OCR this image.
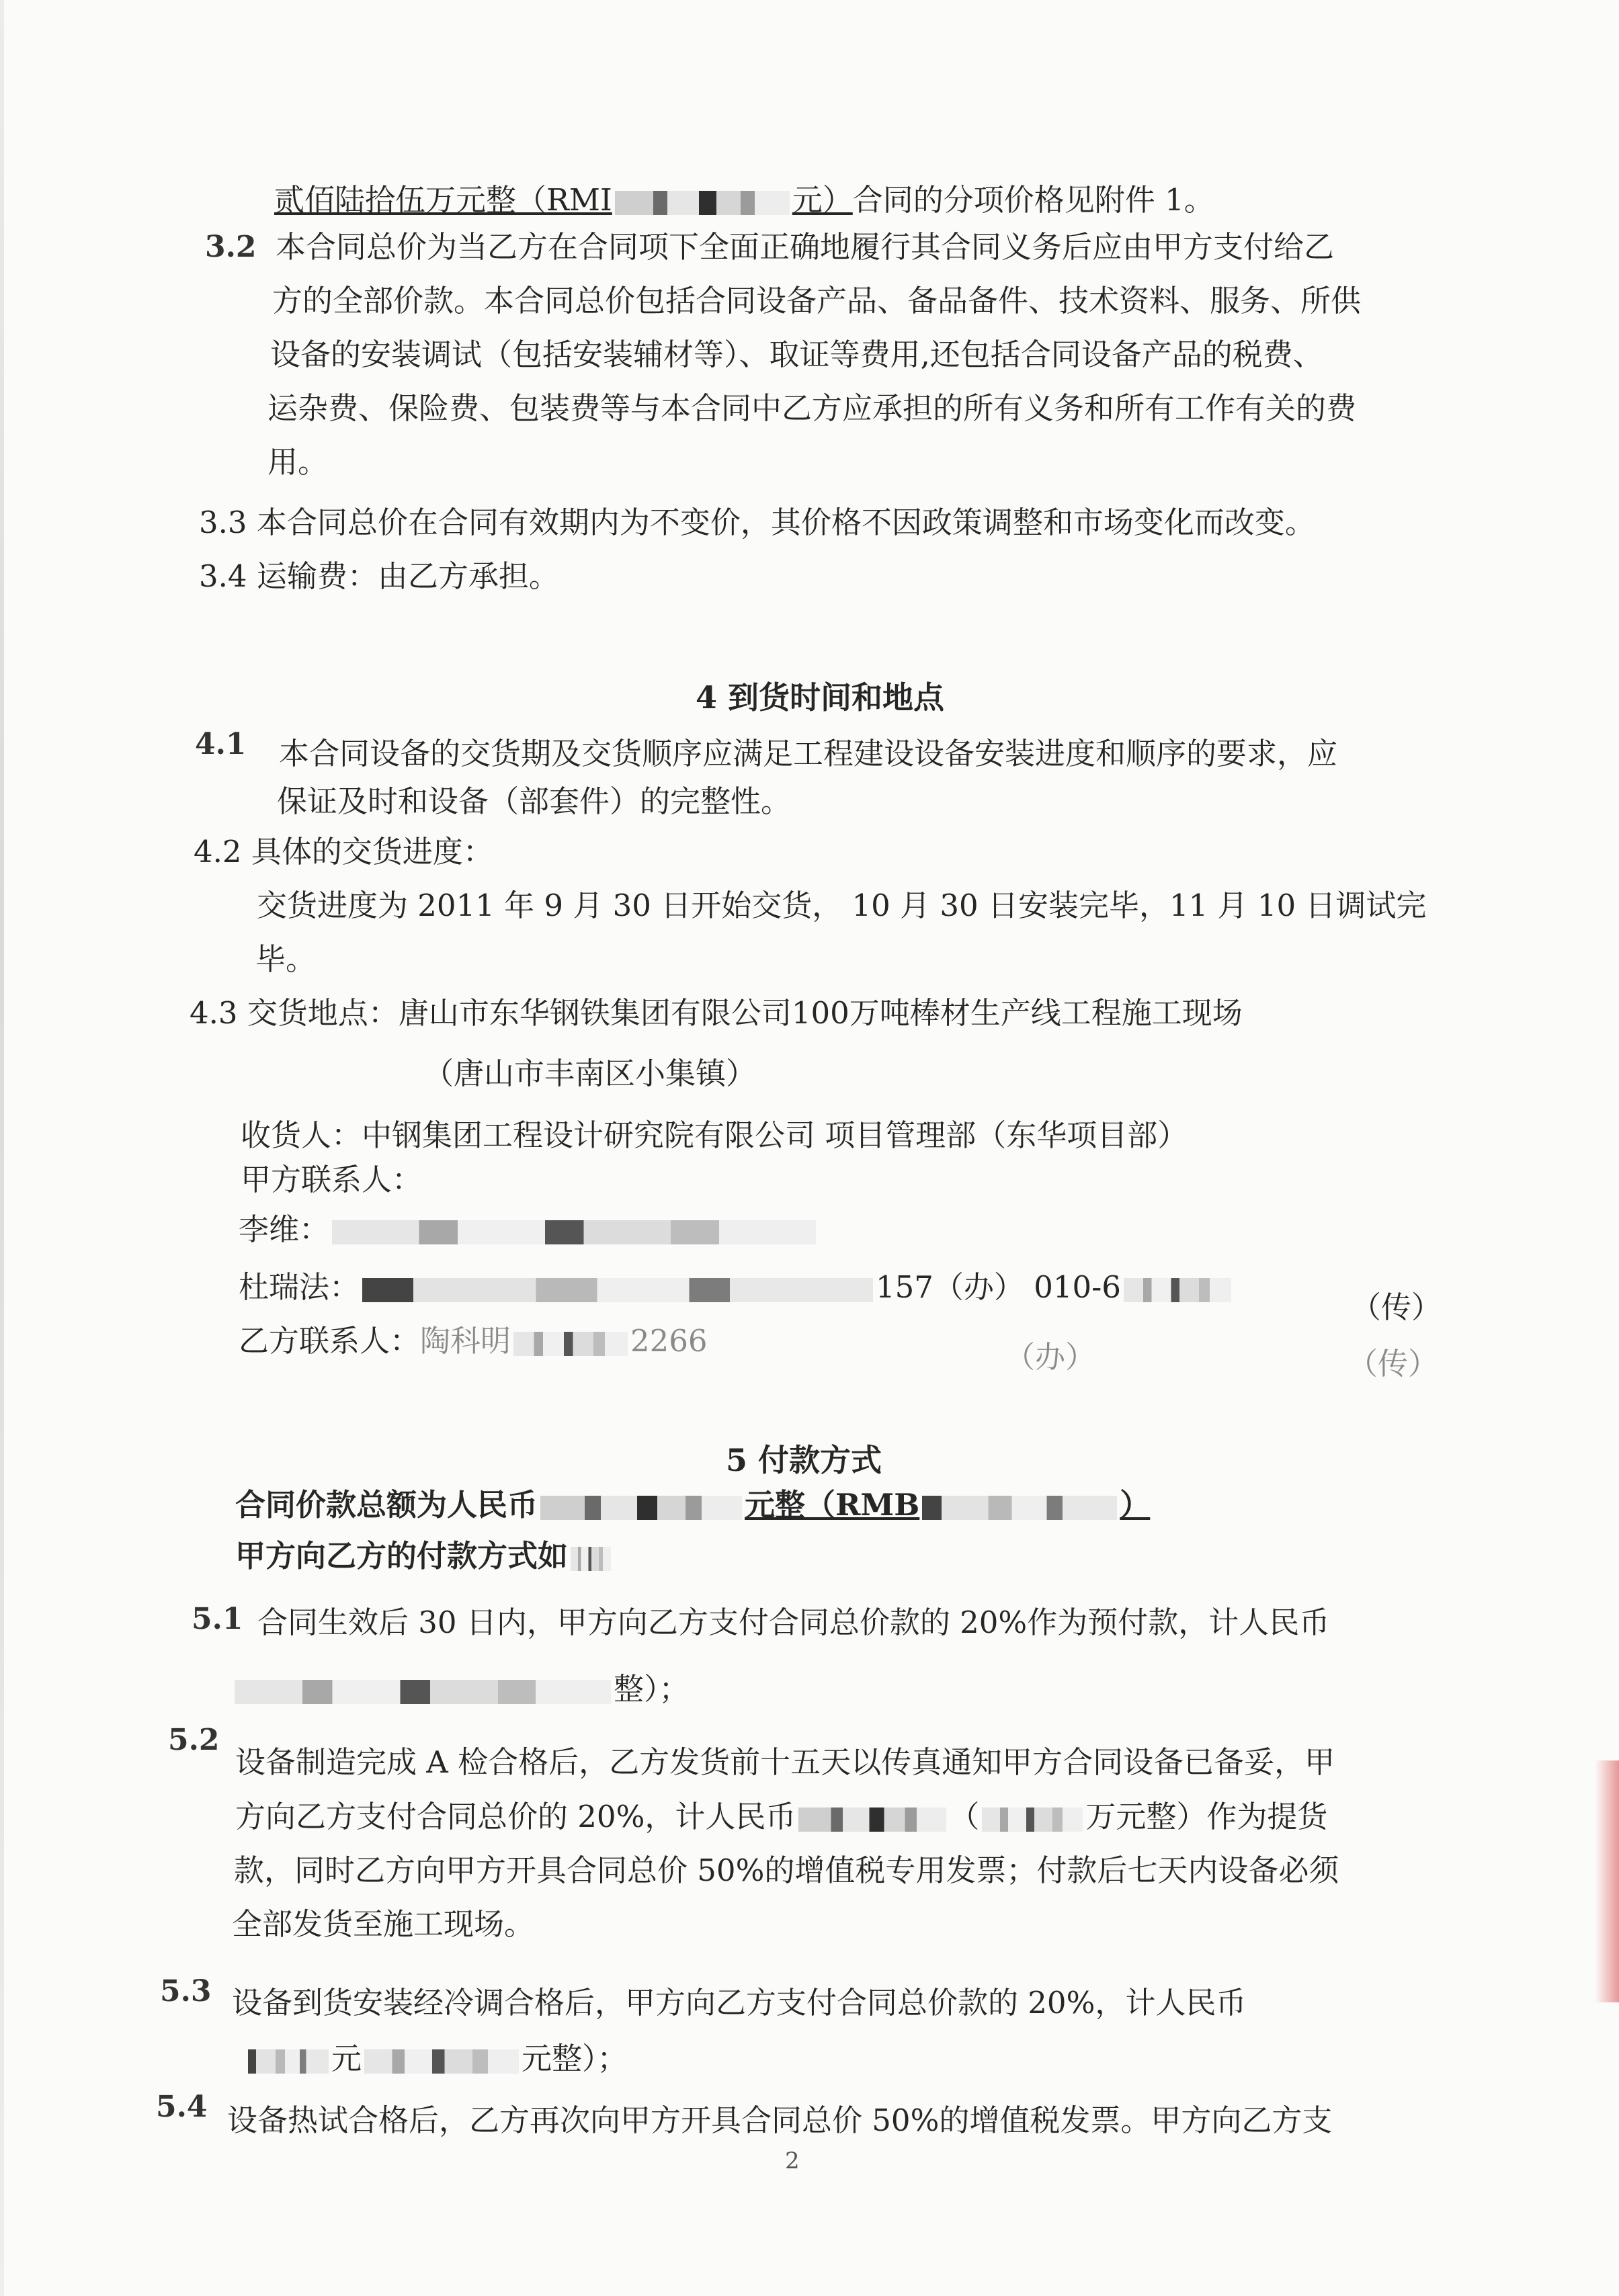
贰佰陆拾伍万元整（RMI	元）合同的分项价格见附件 1。
3.2 本合同总价为当乙方在合同项下全面正确地履行其合同义务后应由甲方支付给乙
方的全部价款。本合同总价包括合同设备产品、备品备件、技术资料、服务、所供
设备的安装调试（包括安装辅材等）、取证等费用,还包括合同设备产品的税费、
运杂费、保险费、包装费等与本合同中乙方应承担的所有义务和所有工作有关的费
用。
3.3 本合同总价在合同有效期内为不变价，其价格不因政策调整和市场变化而改变。
3.4 运输费：由乙方承担。
4 到货时间和地点
4.1 本合同设备的交货期及交货顺序应满足工程建设设备安装进度和顺序的要求，应
保证及时和设备（部套件）的完整性。
4.2 具体的交货进度：
交货进度为 2011 年 9 月 30 日开始交货， 10 月 30 日安装完毕，11 月 10 日调试完
毕。
4.3 交货地点：唐山市东华钢铁集团有限公司100万吨棒材生产线工程施工现场
（唐山市丰南区小集镇）
收货人：中钢集团工程设计研究院有限公司 项目管理部（东华项目部）
甲方联系人：
李维：
杜瑞法：	157（办） 010-6
（传）
乙方联系人：陶科明	2266	（办）	（传）
5 付款方式
合同价款总额为人民币	元整（RMB	）
甲方向乙方的付款方式如
5.1 合同生效后 30 日内，甲方向乙方支付合同总价款的 20%作为预付款，计人民币
整）；
5.2
设备制造完成 A 检合格后，乙方发货前十五天以传真通知甲方合同设备已备妥，甲
方向乙方支付合同总价的 20%，计人民币	（	万元整）作为提货
款，同时乙方向甲方开具合同总价 50%的增值税专用发票；付款后七天内设备必须
全部发货至施工现场。
5.3 设备到货安装经冷调合格后，甲方向乙方支付合同总价款的 20%，计人民币
元	元整）；
5.4 设备热试合格后，乙方再次向甲方开具合同总价 50%的增值税发票。甲方向乙方支
2
